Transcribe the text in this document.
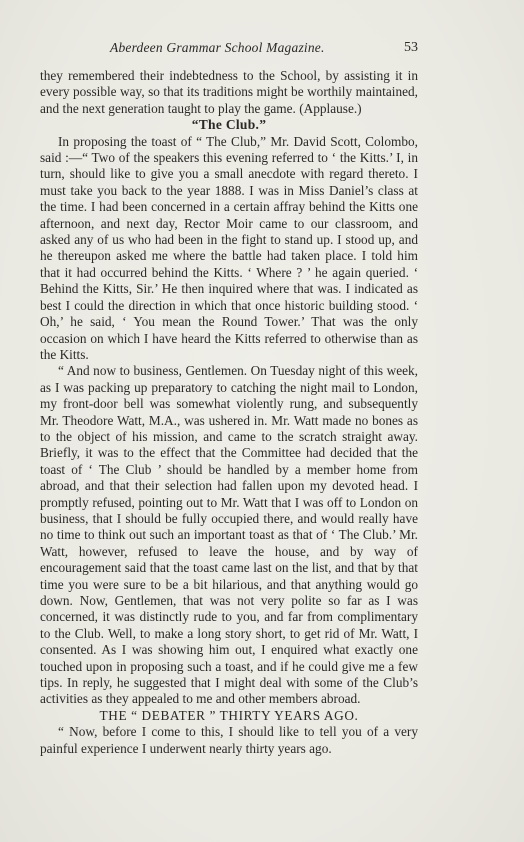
Aberdeen Grammar School Magazine.	53

they remembered their indebtedness to the School, by assisting it in every possible way, so that its traditions might be worthily maintained, and the next generation taught to play the game. (Applause.)

“The Club.”

In proposing the toast of “ The Club,” Mr. David Scott, Colombo, said :—“ Two of the speakers this evening referred to ‘ the Kitts.’ I, in turn, should like to give you a small anecdote with regard thereto. I must take you back to the year 1888. I was in Miss Daniel’s class at the time. I had been concerned in a certain affray behind the Kitts one afternoon, and next day, Rector Moir came to our classroom, and asked any of us who had been in the fight to stand up. I stood up, and he thereupon asked me where the battle had taken place. I told him that it had occurred behind the Kitts. ‘ Where ? ’ he again queried. ‘ Behind the Kitts, Sir.’ He then inquired where that was. I indicated as best I could the direction in which that once historic building stood. ‘ Oh,’ he said, ‘ You mean the Round Tower.’ That was the only occasion on which I have heard the Kitts referred to otherwise than as the Kitts.

“ And now to business, Gentlemen. On Tuesday night of this week, as I was packing up preparatory to catching the night mail to London, my front-door bell was somewhat violently rung, and subsequently Mr. Theodore Watt, M.A., was ushered in. Mr. Watt made no bones as to the object of his mission, and came to the scratch straight away. Briefly, it was to the effect that the Committee had decided that the toast of ‘ The Club ’ should be handled by a member home from abroad, and that their selection had fallen upon my devoted head. I promptly refused, pointing out to Mr. Watt that I was off to London on business, that I should be fully occupied there, and would really have no time to think out such an important toast as that of ‘ The Club.’ Mr. Watt, however, refused to leave the house, and by way of encouragement said that the toast came last on the list, and that by that time you were sure to be a bit hilarious, and that anything would go down. Now, Gentlemen, that was not very polite so far as I was concerned, it was distinctly rude to you, and far from complimentary to the Club. Well, to make a long story short, to get rid of Mr. Watt, I consented. As I was showing him out, I enquired what exactly one touched upon in proposing such a toast, and if he could give me a few tips. In reply, he suggested that I might deal with some of the Club’s activities as they appealed to me and other members abroad.

THE “ DEBATER ” THIRTY YEARS AGO.

“ Now, before I come to this, I should like to tell you of a very painful experience I underwent nearly thirty years ago.
